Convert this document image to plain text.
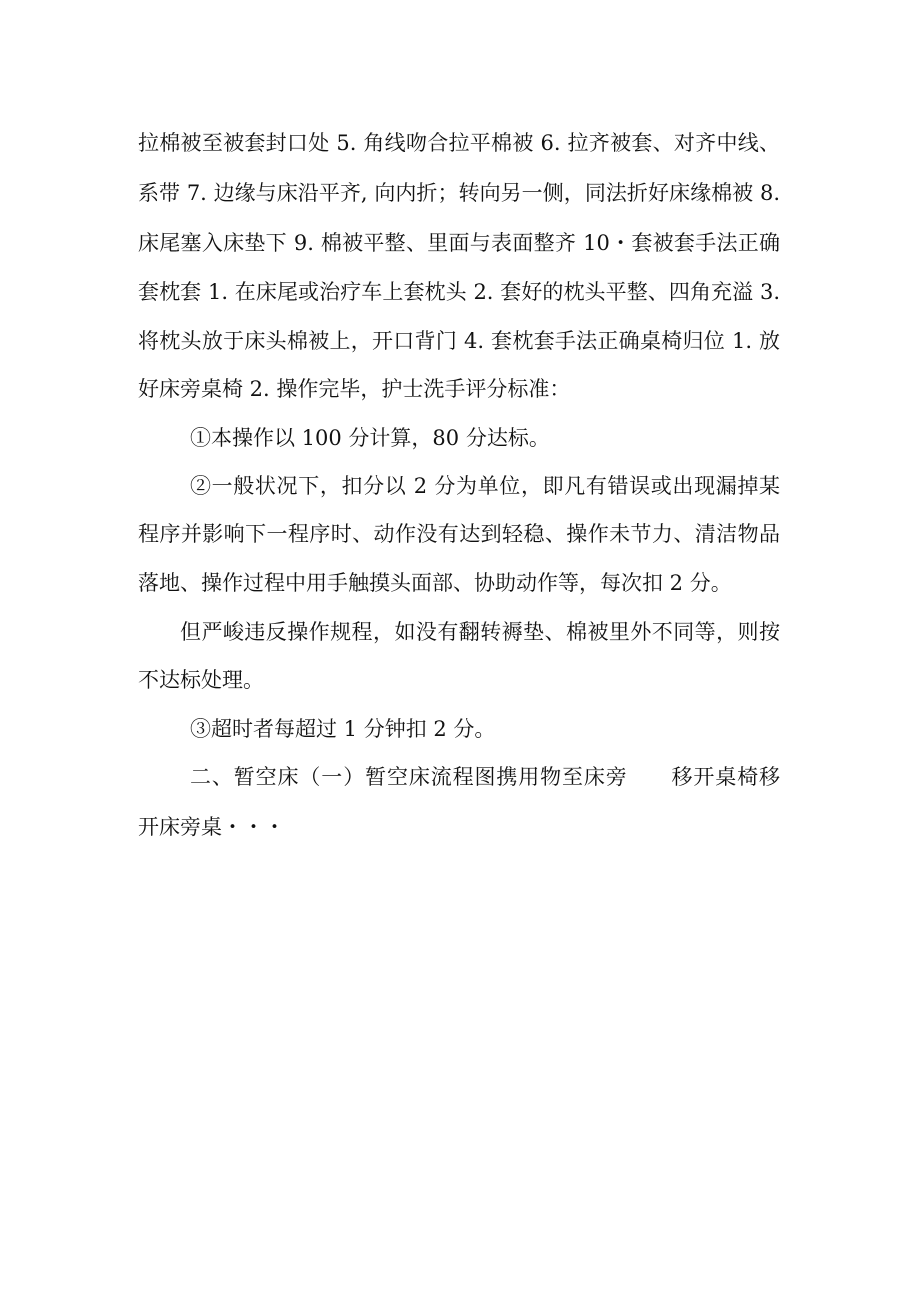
拉棉被至被套封口处 5. 角线吻合拉平棉被 6. 拉齐被套、对齐中线、
系带 7. 边缘与床沿平齐, 向内折；转向另一侧，同法折好床缘棉被 8.
床尾塞入床垫下 9. 棉被平整、里面与表面整齐 10・套被套手法正确
套枕套 1. 在床尾或治疗车上套枕头 2. 套好的枕头平整、四角充溢 3.
将枕头放于床头棉被上，开口背门 4. 套枕套手法正确桌椅归位 1. 放
好床旁桌椅 2. 操作完毕，护士洗手评分标准：
①本操作以 100 分计算，80 分达标。
②一般状况下，扣分以 2 分为单位，即凡有错误或出现漏掉某
程序并影响下一程序时、动作没有达到轻稳、操作未节力、清洁物品
落地、操作过程中用手触摸头面部、协助动作等，每次扣 2 分。
但严峻违反操作规程，如没有翻转褥垫、棉被里外不同等，则按
不达标处理。
③超时者每超过 1 分钟扣 2 分。
二、暂空床（一）暂空床流程图携用物至床旁　　移开桌椅移
开床旁桌・・・
